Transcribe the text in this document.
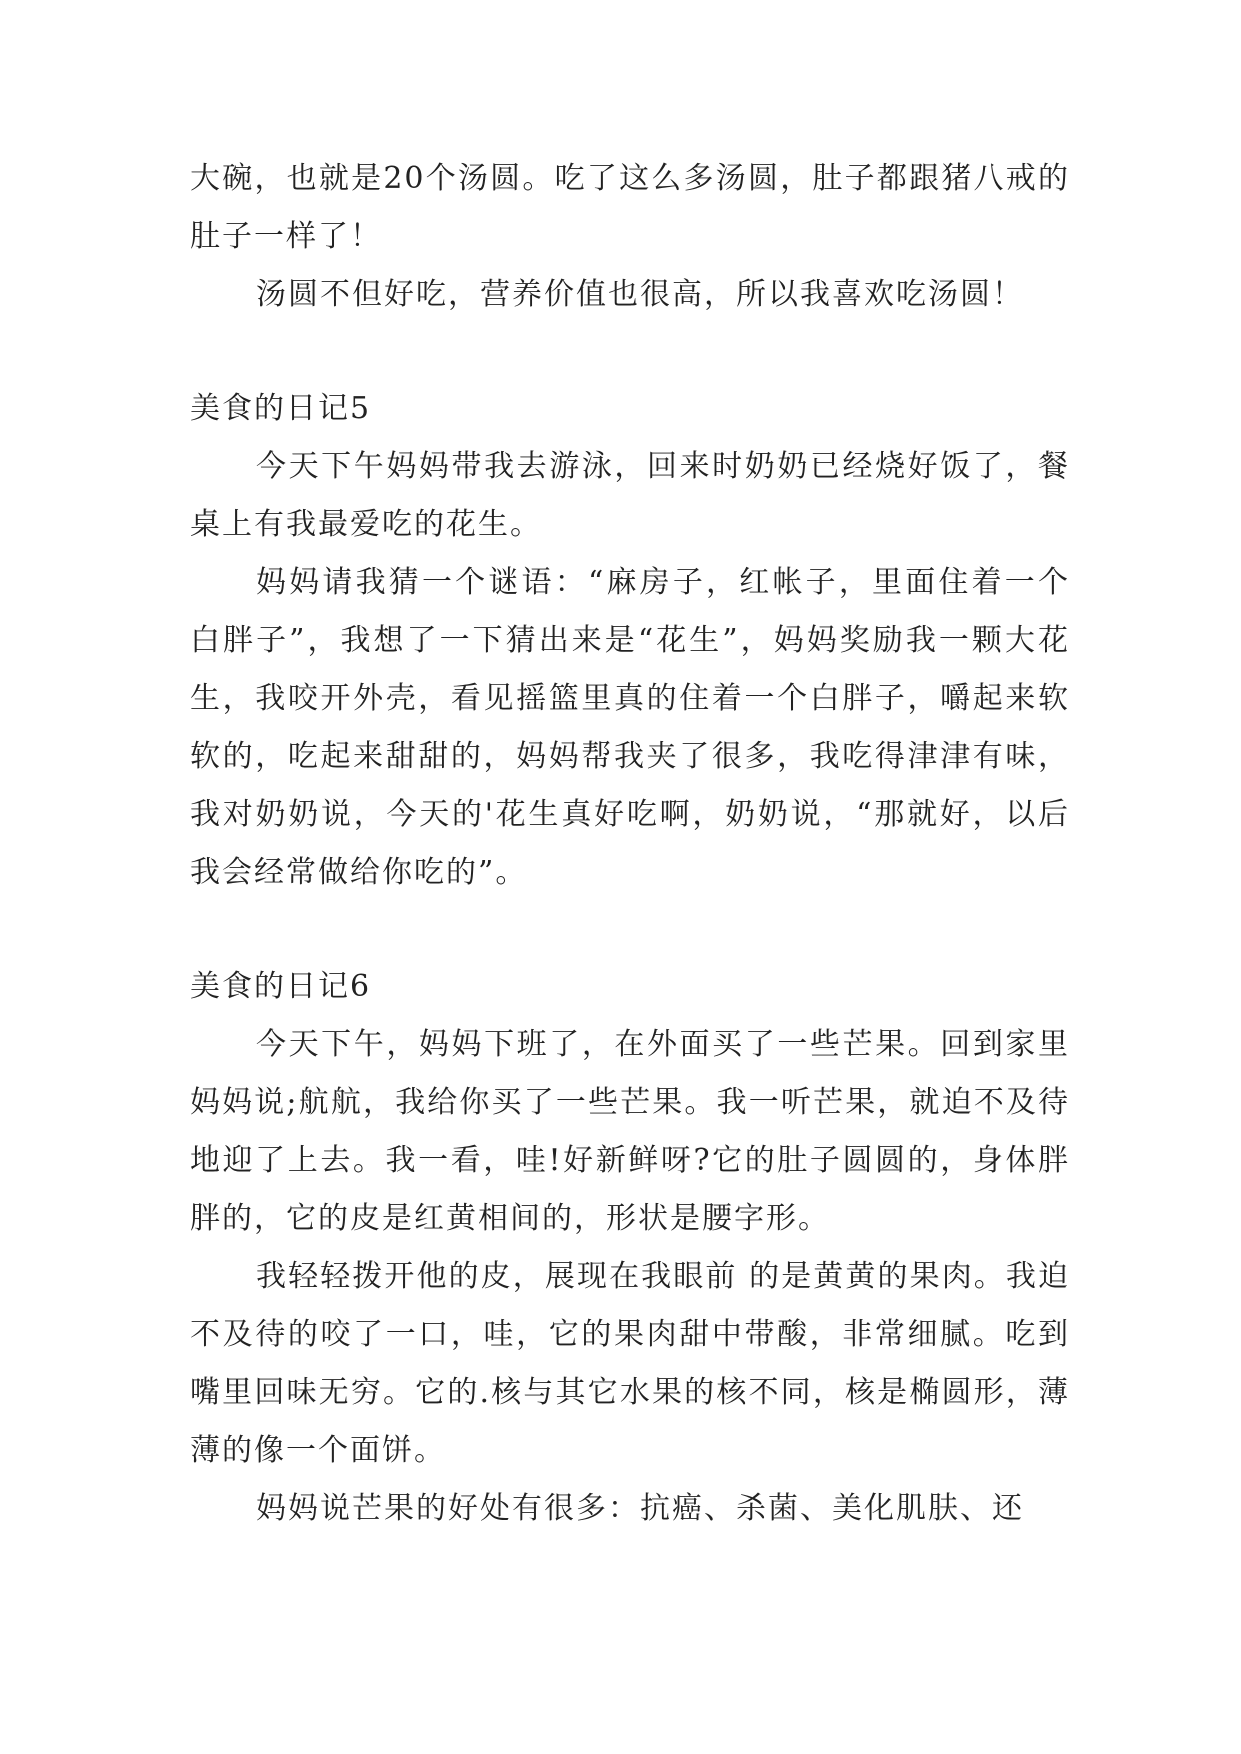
大碗，也就是20个汤圆。吃了这么多汤圆，肚子都跟猪八戒的肚子一样了！

汤圆不但好吃，营养价值也很高，所以我喜欢吃汤圆！

美食的日记5

今天下午妈妈带我去游泳，回来时奶奶已经烧好饭了，餐桌上有我最爱吃的花生。

妈妈请我猜一个谜语：“麻房子，红帐子，里面住着一个白胖子”，我想了一下猜出来是“花生”，妈妈奖励我一颗大花生，我咬开外壳，看见摇篮里真的住着一个白胖子，嚼起来软软的，吃起来甜甜的，妈妈帮我夹了很多，我吃得津津有味，我对奶奶说，今天的'花生真好吃啊，奶奶说，“那就好，以后我会经常做给你吃的”。

美食的日记6

今天下午，妈妈下班了，在外面买了一些芒果。回到家里妈妈说;航航，我给你买了一些芒果。我一听芒果，就迫不及待地迎了上去。我一看，哇!好新鲜呀?它的肚子圆圆的，身体胖胖的，它的皮是红黄相间的，形状是腰字形。

我轻轻拨开他的皮，展现在我眼前 的是黄黄的果肉。我迫不及待的咬了一口，哇，它的果肉甜中带酸，非常细腻。吃到嘴里回味无穷。它的.核与其它水果的核不同，核是椭圆形，薄薄的像一个面饼。

妈妈说芒果的好处有很多：抗癌、杀菌、美化肌肤、还
